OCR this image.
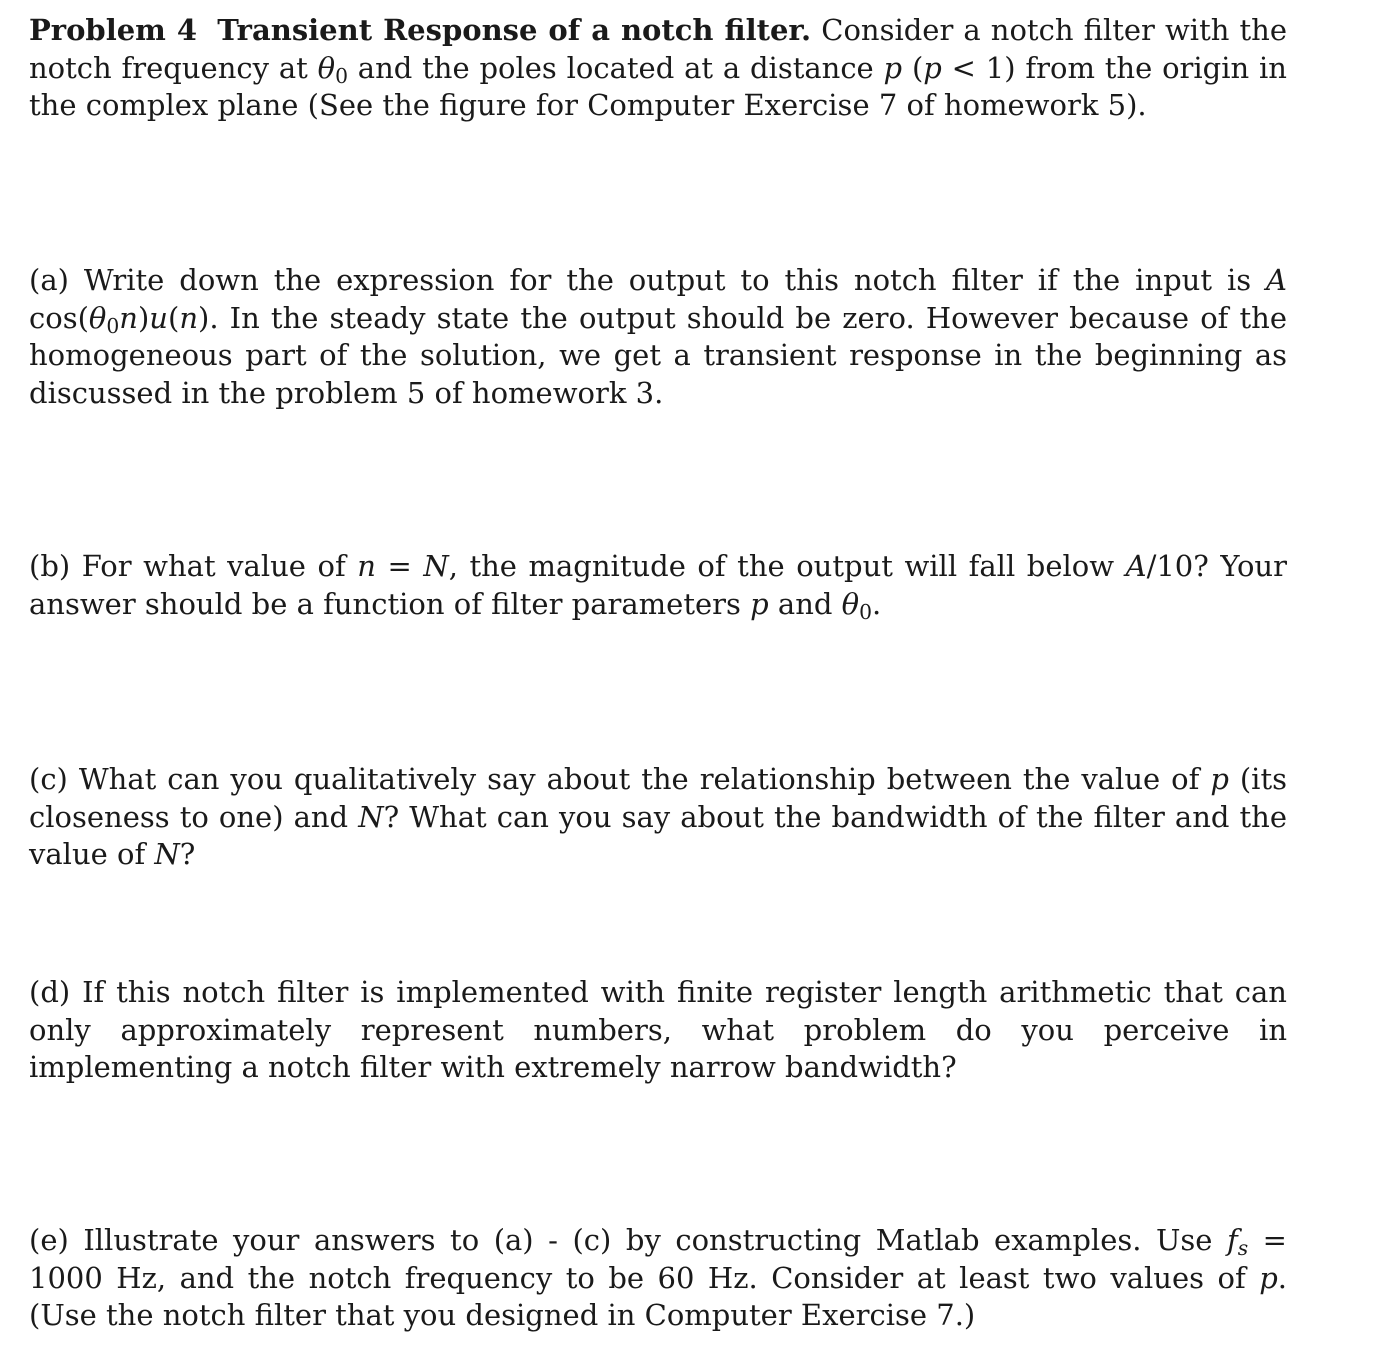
Problem 4 Transient Response of a notch filter. Consider a notch filter with the notch frequency at $\theta_0$ and the poles located at a distance p (p < 1) from the origin in the complex plane (See the figure for Computer Exercise 7 of homework 5).

(a) Write down the expression for the output to this notch filter if the input is A $\cos(\theta_0n)u(n)$. In the steady state the output should be zero. However because of the homogeneous part of the solution, we get a transient response in the beginning as discussed in the problem 5 of homework 3.

(b) For what value of n = N, the magnitude of the output will fall below A/10? Your answer should be a function of filter parameters p and $\theta_0$.

(c) What can you qualitatively say about the relationship between the value of p (its closeness to one) and N? What can you say about the bandwidth of the filter and the value of N?

(d) If this notch filter is implemented with finite register length arithmetic that can only approximately represent numbers, what problem do you perceive in implementing a notch filter with extremely narrow bandwidth?

(e) Illustrate your answers to (a) - (c) by constructing Matlab examples. Use $f_s = 1000$ Hz, and the notch frequency to be 60 Hz. Consider at least two values of p. (Use the notch filter that you designed in Computer Exercise 7.)
